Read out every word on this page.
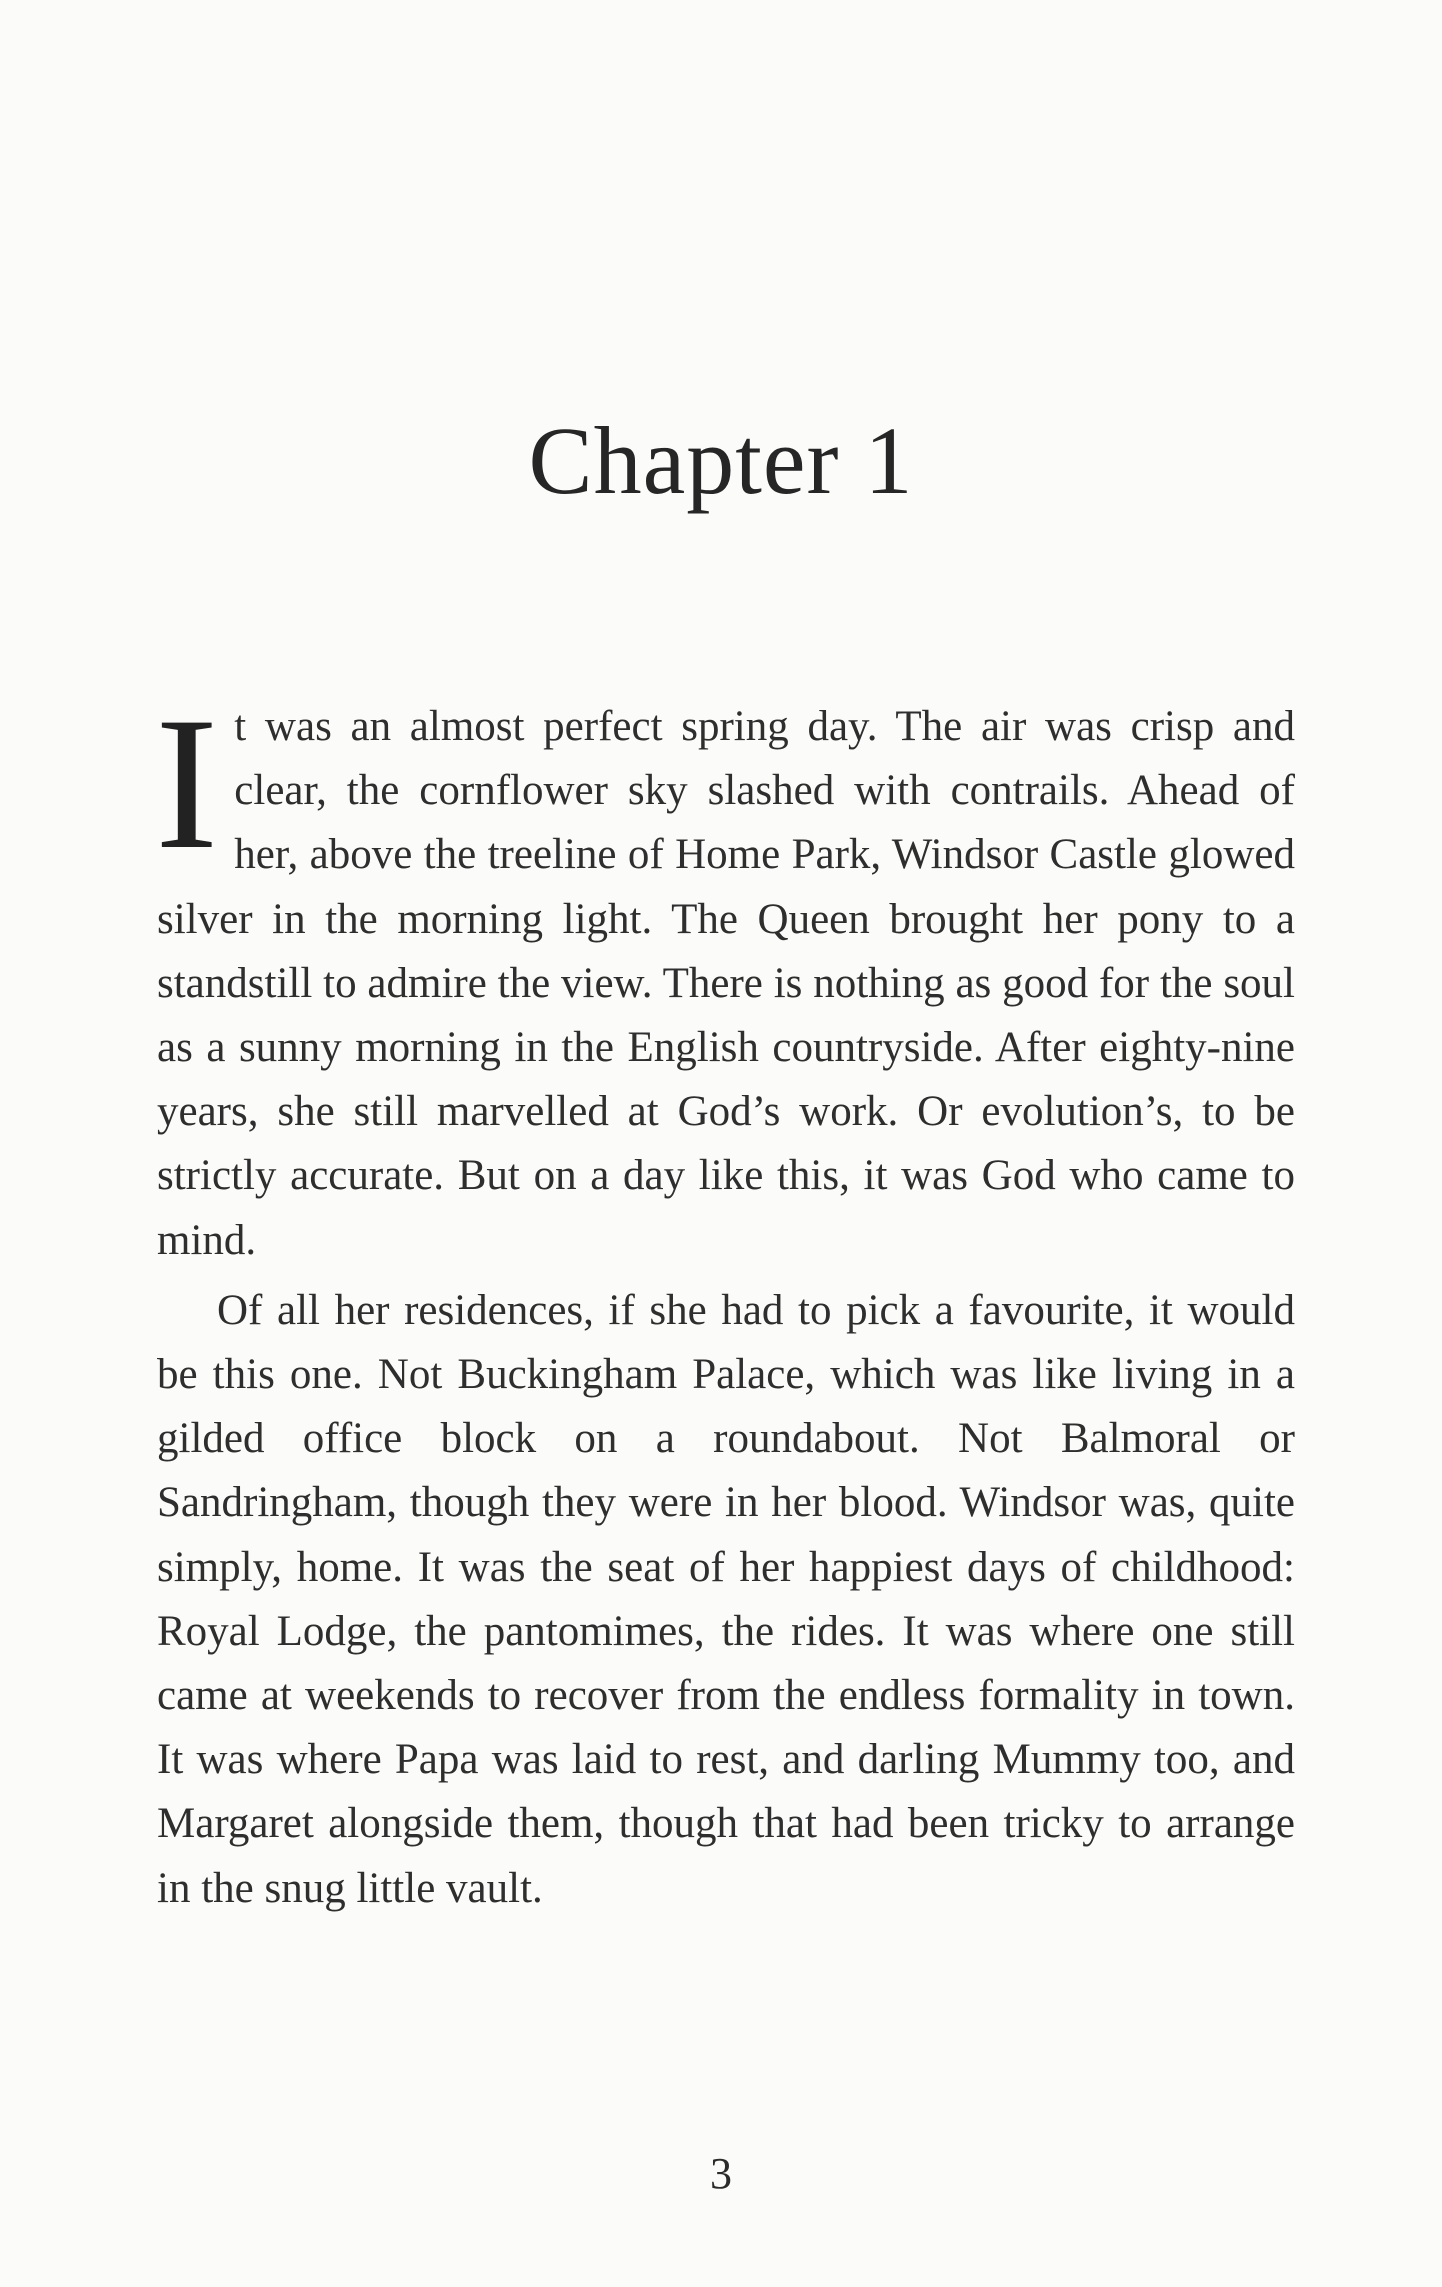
Chapter 1

I t was an almost perfect spring day. The air was crisp and clear, the cornflower sky slashed with contrails. Ahead of her, above the treeline of Home Park, Windsor Castle glowed silver in the morning light. The Queen brought her pony to a standstill to admire the view. There is nothing as good for the soul as a sunny morning in the English countryside. After eighty-nine years, she still marvelled at God’s work. Or evolution’s, to be strictly accurate. But on a day like this, it was God who came to mind.

Of all her residences, if she had to pick a favourite, it would be this one. Not Buckingham Palace, which was like living in a gilded office block on a roundabout. Not Balmoral or Sandringham, though they were in her blood. Windsor was, quite simply, home. It was the seat of her happiest days of childhood: Royal Lodge, the pantomimes, the rides. It was where one still came at weekends to recover from the endless formality in town. It was where Papa was laid to rest, and darling Mummy too, and Margaret alongside them, though that had been tricky to arrange in the snug little vault.

3
